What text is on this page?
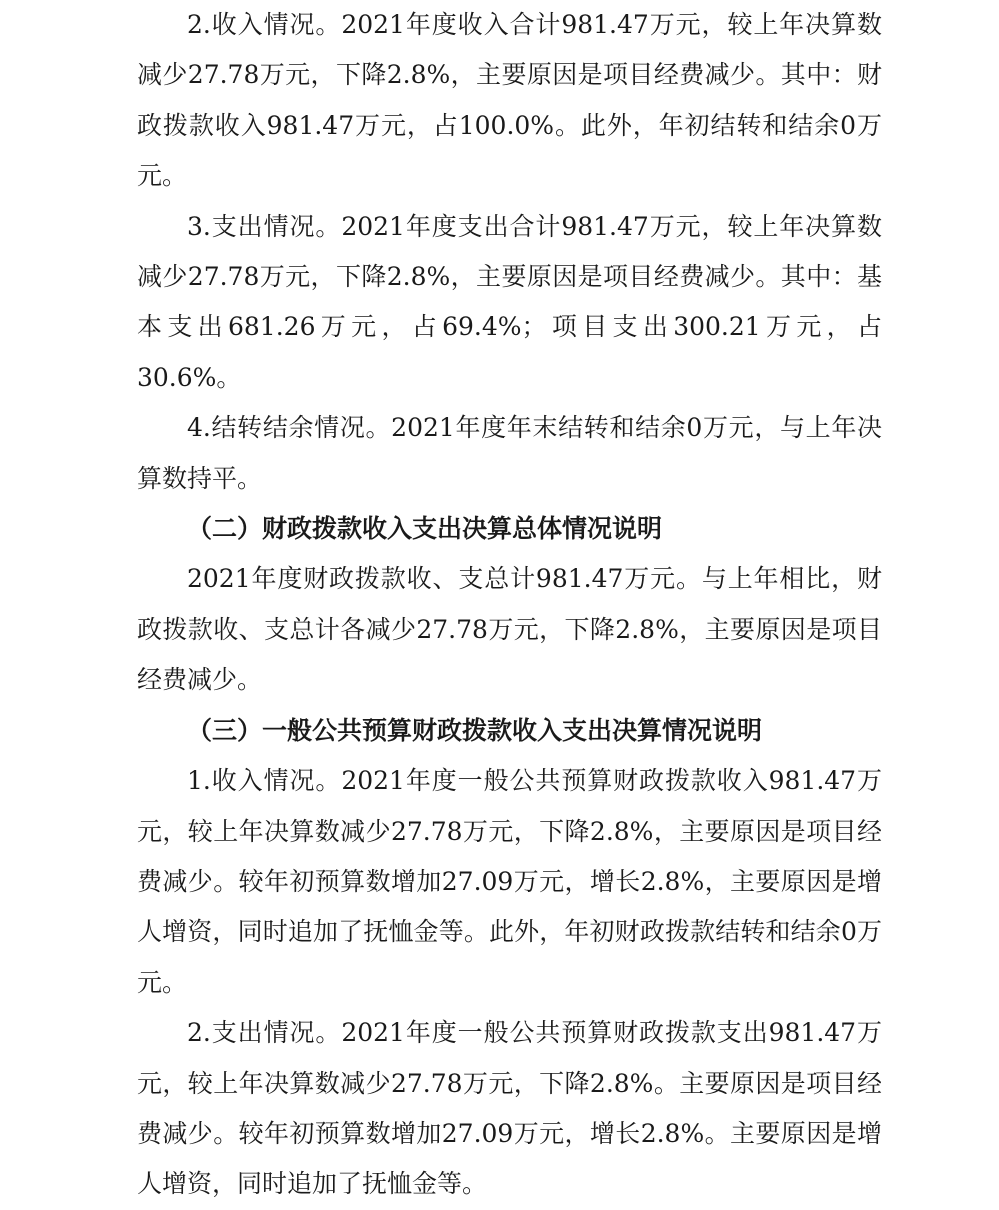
2.收入情况。2021年度收入合计981.47万元，较上年决算数减少27.78万元，下降2.8%，主要原因是项目经费减少。其中：财政拨款收入981.47万元，占100.0%。此外，年初结转和结余0万元。

3.支出情况。2021年度支出合计981.47万元，较上年决算数减少27.78万元，下降2.8%，主要原因是项目经费减少。其中：基本支出681.26万元，占69.4%；项目支出300.21万元，占30.6%。

4.结转结余情况。2021年度年末结转和结余0万元，与上年决算数持平。

（二）财政拨款收入支出决算总体情况说明

2021年度财政拨款收、支总计981.47万元。与上年相比，财政拨款收、支总计各减少27.78万元，下降2.8%，主要原因是项目经费减少。

（三）一般公共预算财政拨款收入支出决算情况说明

1.收入情况。2021年度一般公共预算财政拨款收入981.47万元，较上年决算数减少27.78万元，下降2.8%，主要原因是项目经费减少。较年初预算数增加27.09万元，增长2.8%，主要原因是增人增资，同时追加了抚恤金等。此外，年初财政拨款结转和结余0万元。

2.支出情况。2021年度一般公共预算财政拨款支出981.47万元，较上年决算数减少27.78万元，下降2.8%。主要原因是项目经费减少。较年初预算数增加27.09万元，增长2.8%。主要原因是增人增资，同时追加了抚恤金等。
